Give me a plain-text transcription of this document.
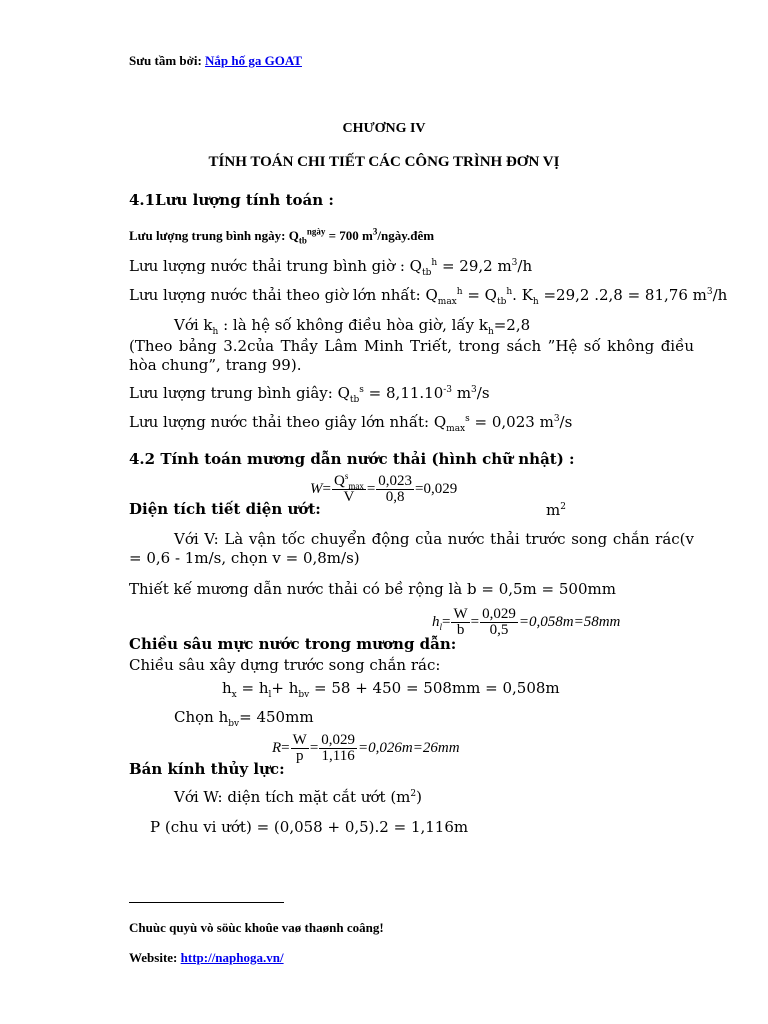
Sưu tầm bởi: Nắp hố ga GOAT
CHƯƠNG IV
TÍNH TOÁN CHI TIẾT CÁC CÔNG TRÌNH ĐƠN VỊ
4.1Lưu lượng tính toán :
Lưu lượng trung bình ngày: $Q_{tb}^{ngày} = 700$ $m^3/ngày.đêm$
Lưu lượng nước thải trung bình giờ : $Q_{tb}^h = 29,2$ $m^3/h$
Lưu lượng nước thải theo giờ lớn nhất: $Q_{max}^h = Q_{tb}^h$. $K_h =29,2$ .2,8 = 81,76 $m^3/h$
Với $k_h$ : là hệ số không điều hòa giờ, lấy $k_h=2,8$
(Theo bảng 3.2của Thầy Lâm Minh Triết, trong sách ”Hệ số không điều hòa chung”, trang 99).
Lưu lượng trung bình giây: $Q_{tb}^s = 8,11.10^{-3}$ $m^3/s$
Lưu lượng nước thải theo giây lớn nhất: $Q_{max}^s = 0,023$ $m^3/s$
4.2 Tính toán mương dẫn nước thải (hình chữ nhật) :
Diện tích tiết diện ướt:
$W= \frac{Q^s_{max}}{V} = \frac{0,023}{0,8} =0,029$
$m^2$
Với V: Là vận tốc chuyển động của nước thải trước song chắn rác(v = 0,6 - 1m/s, chọn v = 0,8m/s)
Thiết kế mương dẫn nước thải có bề rộng là b = 0,5m = 500mm
Chiều sâu mực nước trong mương dẫn:
$h_l= \frac{W}{b} = \frac{0,029}{0,5} =0,058m=58mm$
Chiều sâu xây dựng trước song chắn rác:
$h_x = h_l+ h_{bv} = 58 + 450 = 508mm = 0,508m$
Chọn $h_{bv}= 450mm$
$R= \frac{W}{p} = \frac{0,029}{1,116} =0,026m=26mm$
Bán kính thủy lực:
Với W: diện tích mặt cắt ướt $(m^2)$
P (chu vi ướt) = (0,058 + 0,5).2 = 1,116m
Chuùc quyù vò söùc khoûe vaø thaønh coâng!
Website: http://naphoga.vn/
